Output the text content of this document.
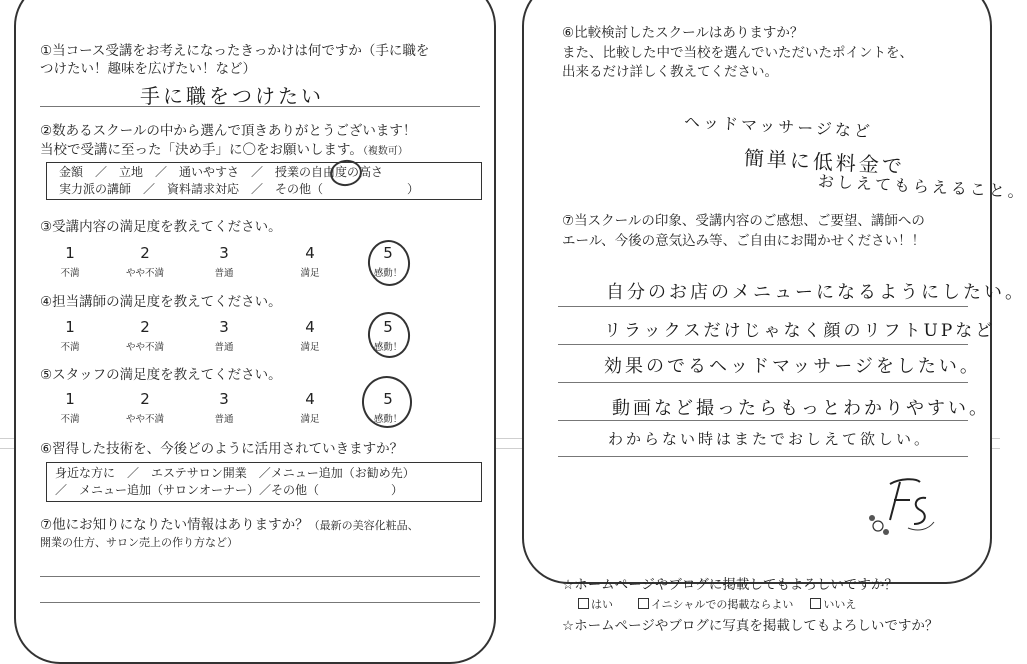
①当コース受講をお考えになったきっかけは何ですか（手に職を
つけたい！趣味を広げたい！など）
手に職をつけたい
②数あるスクールの中から選んで頂きありがとうございます！
当校で受講に至った「決め手」に〇をお願いします。（複数可）
金額　／　立地　／　通いやすさ　／　授業の自由度の高さ
実力派の講師　／　資料請求対応　／　その他（　　　　　　　）
③受講内容の満足度を教えてください。
1	2	3	4	5
不満	やや不満	普通	満足	感動！
④担当講師の満足度を教えてください。
1	2	3	4	5
不満	やや不満	普通	満足	感動！
⑤スタッフの満足度を教えてください。
1	2	3	4	5
不満	やや不満	普通	満足	感動！
⑥習得した技術を、今後どのように活用されていきますか？
身近な方に　／　エステサロン開業　／メニュー追加（お勧め先）
／　メニュー追加（サロンオーナー）／その他（　　　　　　）
⑦他にお知りになりたい情報はありますか？（最新の美容化粧品、
開業の仕方、サロン売上の作り方など）
⑥比較検討したスクールはありますか？
また、比較した中で当校を選んでいただいたポイントを、
出来るだけ詳しく教えてください。
ヘッドマッサージなど
簡単に低料金で
おしえてもらえること。
⑦当スクールの印象、受講内容のご感想、ご要望、講師への
エール、今後の意気込み等、ご自由にお聞かせください！！
自分のお店のメニューになるようにしたい。
リラックスだけじゃなく顔のリフトUPなど
効果のでるヘッドマッサージをしたい。
動画など撮ったらもっとわかりやすい。
わからない時はまたでおしえて欲しい。
☆ホームページやブログに掲載してもよろしいですか？
はい	イニシャルでの掲載ならよい	いいえ
☆ホームページやブログに写真を掲載してもよろしいですか？
